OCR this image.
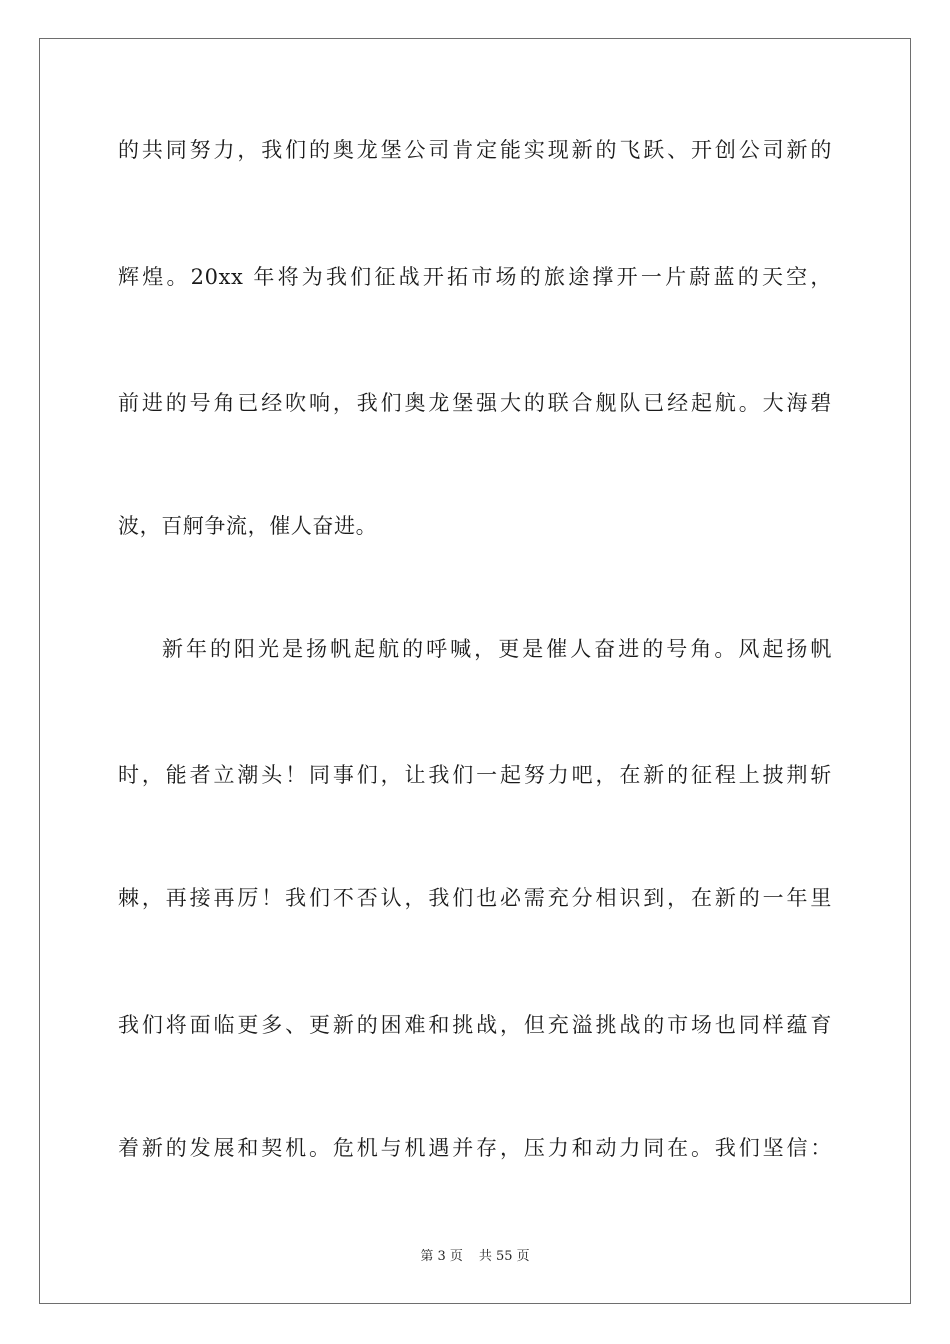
的共同努力，我们的奥龙堡公司肯定能实现新的飞跃、开创公司新的
辉煌。20xx 年将为我们征战开拓市场的旅途撑开一片蔚蓝的天空，
前进的号角已经吹响，我们奥龙堡强大的联合舰队已经起航。大海碧
波，百舸争流，催人奋进。
新年的阳光是扬帆起航的呼喊，更是催人奋进的号角。风起扬帆
时，能者立潮头！同事们，让我们一起努力吧，在新的征程上披荆斩
棘，再接再厉！我们不否认，我们也必需充分相识到，在新的一年里
我们将面临更多、更新的困难和挑战，但充溢挑战的市场也同样蕴育
着新的发展和契机。危机与机遇并存，压力和动力同在。我们坚信：
第 3 页 共 55 页
